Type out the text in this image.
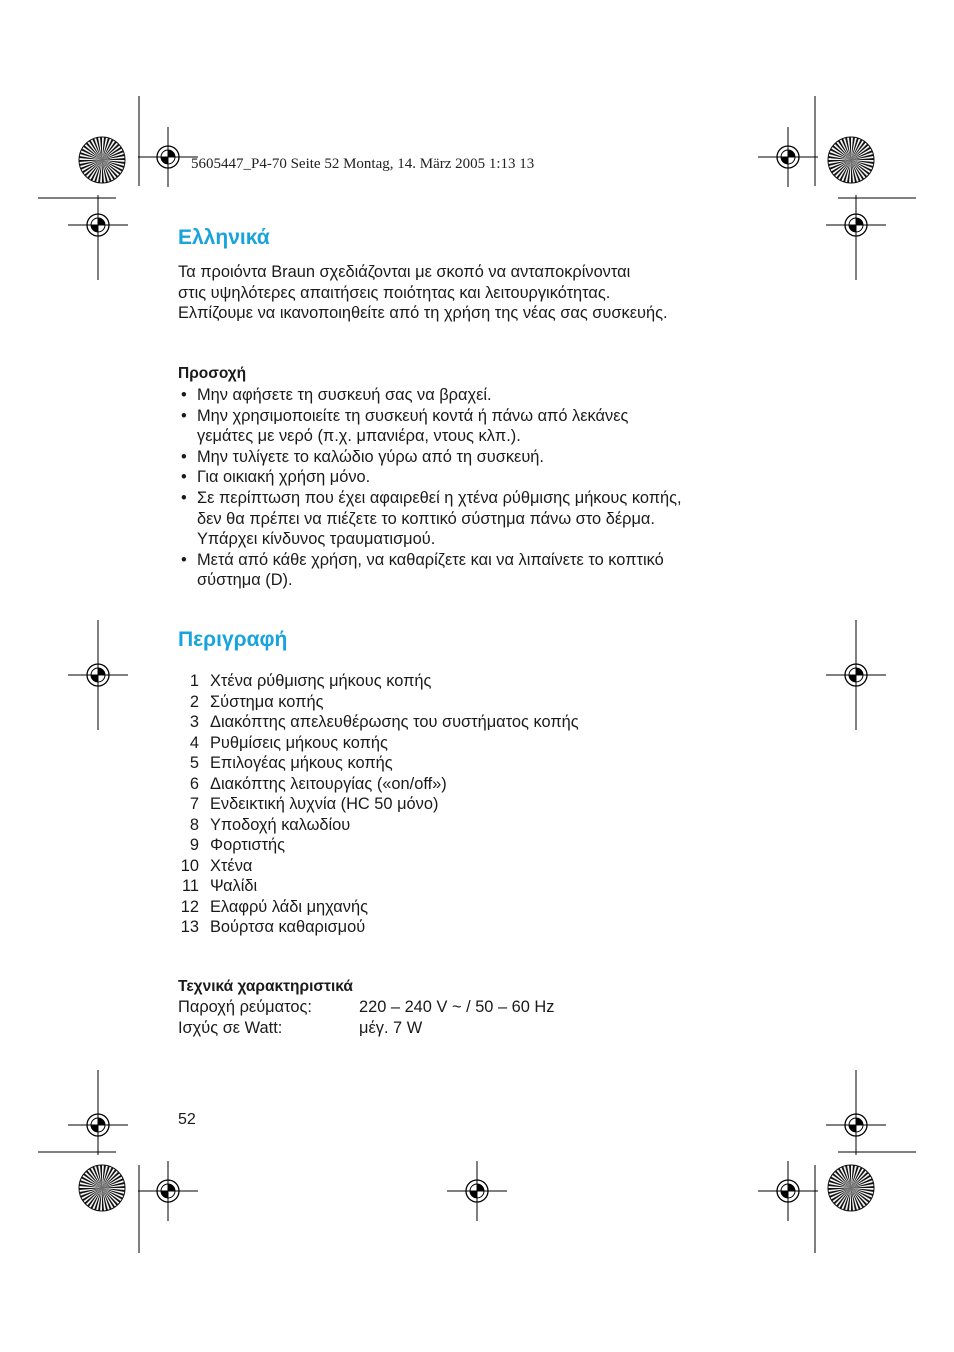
5605447_P4-70 Seite 52 Montag, 14. März 2005 1:13 13
Ελληνικά
Τα προιόντα Braun σχεδιάζονται με σκοπό να ανταποκρίνονται
στις υψηλότερες απαιτήσεις ποιότητας και λειτουργικότητας.
Ελπίζουμε να ικανοποιηθείτε από τη χρήση της νέας σας συσκευής.
Προσοχή
• Μην αφήσετε τη συσκευή σας να βραχεί.
• Μην χρησιμοποιείτε τη συσκευή κοντά ή πάνω από λεκάνες
γεμάτες με νερό (π.χ. μπανιέρα, ντους κλπ.).
• Μην τυλίγετε το καλώδιο γύρω από τη συσκευή.
• Για οικιακή χρήση μόνο.
• Σε περίπτωση που έχει αφαιρεθεί η χτένα ρύθμισης μήκους κοπής,
δεν θα πρέπει να πιέζετε το κοπτικό σύστημα πάνω στο δέρμα.
Υπάρχει κίνδυνος τραυματισμού.
• Μετά από κάθε χρήση, να καθαρίζετε και να λιπαίνετε το κοπτικό
σύστημα (D).
Περιγραφή
1 Χτένα ρύθμισης μήκους κοπής
2 Σύστημα κοπής
3 Διακόπτης απελευθέρωσης του συστήματος κοπής
4 Ρυθμίσεις μήκους κοπής
5 Επιλογέας μήκους κοπής
6 Διακόπτης λειτουργίας («on/off»)
7 Ενδεικτική λυχνία (HC 50 μόνο)
8 Υποδοχή καλωδίου
9 Φορτιστής
10 Χτένα
11 Ψαλίδι
12 Ελαφρύ λάδι μηχανής
13 Βούρτσα καθαρισμού
Τεχνικά χαρακτηριστικά
Παροχή ρεύματος:	220 – 240 V ~ / 50 – 60 Hz
Ισχύς σε Watt:	μέγ. 7 W
52
